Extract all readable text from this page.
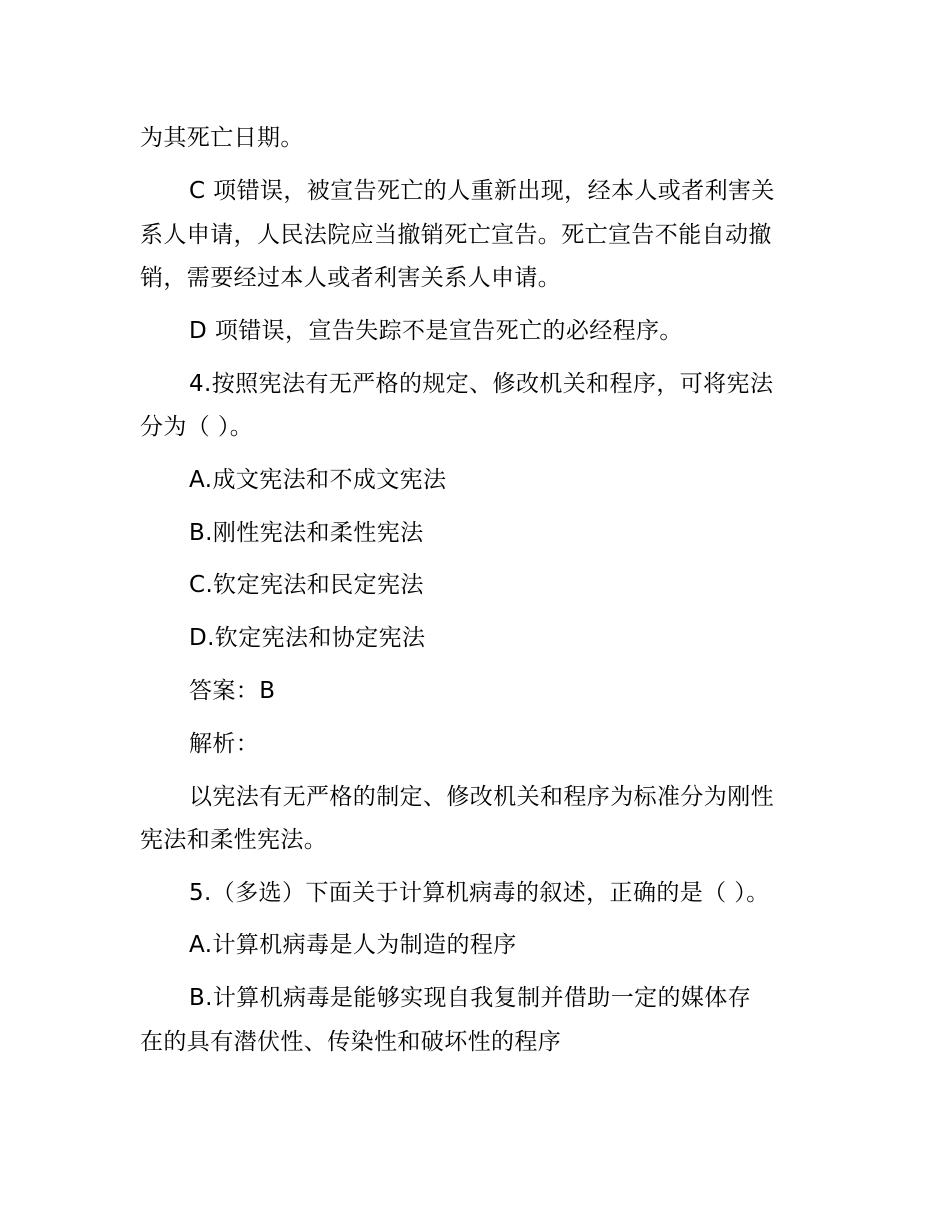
为其死亡日期。
C 项错误，被宣告死亡的人重新出现，经本人或者利害关
系人申请，人民法院应当撤销死亡宣告。死亡宣告不能自动撤
销，需要经过本人或者利害关系人申请。
D 项错误，宣告失踪不是宣告死亡的必经程序。
4.按照宪法有无严格的规定、修改机关和程序，可将宪法
分为（ ）。
A.成文宪法和不成文宪法
B.刚性宪法和柔性宪法
C.钦定宪法和民定宪法
D.钦定宪法和协定宪法
答案：B
解析：
以宪法有无严格的制定、修改机关和程序为标准分为刚性
宪法和柔性宪法。
5.（多选）下面关于计算机病毒的叙述，正确的是（ ）。
A.计算机病毒是人为制造的程序
B.计算机病毒是能够实现自我复制并借助一定的媒体存
在的具有潜伏性、传染性和破坏性的程序
